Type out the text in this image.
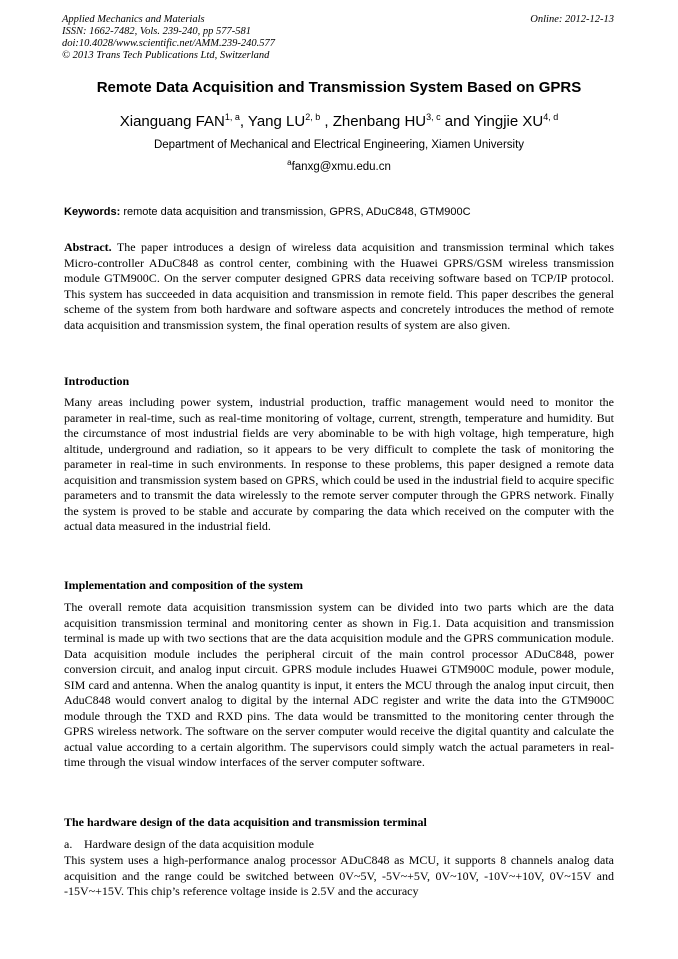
Applied Mechanics and Materials
ISSN: 1662-7482, Vols. 239-240, pp 577-581
doi:10.4028/www.scientific.net/AMM.239-240.577
© 2013 Trans Tech Publications Ltd, Switzerland
Online: 2012-12-13
Remote Data Acquisition and Transmission System Based on GPRS
Xianguang FAN$^{1, a}$, Yang LU$^{2, b}$ , Zhenbang HU$^{3, c}$ and Yingjie XU$^{4, d}$
Department of Mechanical and Electrical Engineering, Xiamen University
$^a$fanxg@xmu.edu.cn
Keywords: remote data acquisition and transmission, GPRS, ADuC848, GTM900C
Abstract. The paper introduces a design of wireless data acquisition and transmission terminal which takes Micro-controller ADuC848 as control center, combining with the Huawei GPRS/GSM wireless transmission module GTM900C. On the server computer designed GPRS data receiving software based on TCP/IP protocol. This system has succeeded in data acquisition and transmission in remote field. This paper describes the general scheme of the system from both hardware and software aspects and concretely introduces the method of remote data acquisition and transmission system, the final operation results of system are also given.
Introduction
Many areas including power system, industrial production, traffic management would need to monitor the parameter in real-time, such as real-time monitoring of voltage, current, strength, temperature and humidity. But the circumstance of most industrial fields are very abominable to be with high voltage, high temperature, high altitude, underground and radiation, so it appears to be very difficult to complete the task of monitoring the parameter in real-time in such environments. In response to these problems, this paper designed a remote data acquisition and transmission system based on GPRS, which could be used in the industrial field to acquire specific parameters and to transmit the data wirelessly to the remote server computer through the GPRS network. Finally the system is proved to be stable and accurate by comparing the data which received on the computer with the actual data measured in the industrial field.
Implementation and composition of the system
The overall remote data acquisition transmission system can be divided into two parts which are the data acquisition transmission terminal and monitoring center as shown in Fig.1. Data acquisition and transmission terminal is made up with two sections that are the data acquisition module and the GPRS communication module. Data acquisition module includes the peripheral circuit of the main control processor ADuC848, power conversion circuit, and analog input circuit. GPRS module includes Huawei GTM900C module, power module, SIM card and antenna. When the analog quantity is input, it enters the MCU through the analog input circuit, then AduC848 would convert analog to digital by the internal ADC register and write the data into the GTM900C module through the TXD and RXD pins. The data would be transmitted to the monitoring center through the GPRS wireless network. The software on the server computer would receive the digital quantity and calculate the actual value according to a certain algorithm. The supervisors could simply watch the actual parameters in real-time through the visual window interfaces of the server computer software.
The hardware design of the data acquisition and transmission terminal
a. Hardware design of the data acquisition module
This system uses a high-performance analog processor ADuC848 as MCU, it supports 8 channels analog data acquisition and the range could be switched between 0V~5V, -5V~+5V, 0V~10V, -10V~+10V, 0V~15V and -15V~+15V. This chip’s reference voltage inside is 2.5V and the accuracy
